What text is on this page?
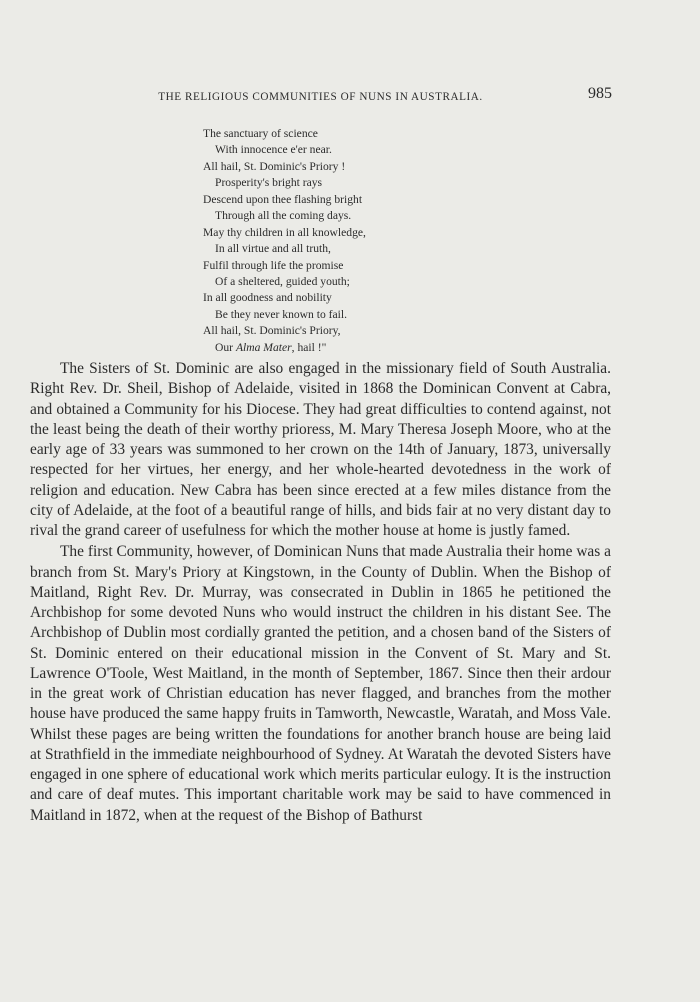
THE RELIGIOUS COMMUNITIES OF NUNS IN AUSTRALIA.	985
The sanctuary of science
With innocence e'er near.
All hail, St. Dominic's Priory !
Prosperity's bright rays
Descend upon thee flashing bright
Through all the coming days.
May thy children in all knowledge,
In all virtue and all truth,
Fulfil through life the promise
Of a sheltered, guided youth;
In all goodness and nobility
Be they never known to fail.
All hail, St. Dominic's Priory,
Our Alma Mater, hail !"

The Sisters of St. Dominic are also engaged in the missionary field of South Australia. Right Rev. Dr. Sheil, Bishop of Adelaide, visited in 1868 the Dominican Convent at Cabra, and obtained a Community for his Diocese. They had great difficulties to contend against, not the least being the death of their worthy prioress, M. Mary Theresa Joseph Moore, who at the early age of 33 years was summoned to her crown on the 14th of January, 1873, universally respected for her virtues, her energy, and her whole-hearted devotedness in the work of religion and education. New Cabra has been since erected at a few miles distance from the city of Adelaide, at the foot of a beautiful range of hills, and bids fair at no very distant day to rival the grand career of usefulness for which the mother house at home is justly famed.

The first Community, however, of Dominican Nuns that made Australia their home was a branch from St. Mary's Priory at Kingstown, in the County of Dublin. When the Bishop of Maitland, Right Rev. Dr. Murray, was consecrated in Dublin in 1865 he petitioned the Archbishop for some devoted Nuns who would instruct the children in his distant See. The Archbishop of Dublin most cordially granted the petition, and a chosen band of the Sisters of St. Dominic entered on their educational mission in the Convent of St. Mary and St. Lawrence O'Toole, West Maitland, in the month of September, 1867. Since then their ardour in the great work of Christian education has never flagged, and branches from the mother house have produced the same happy fruits in Tamworth, Newcastle, Waratah, and Moss Vale. Whilst these pages are being written the foundations for another branch house are being laid at Strathfield in the immediate neighbourhood of Sydney. At Waratah the devoted Sisters have engaged in one sphere of educational work which merits particular eulogy. It is the instruction and care of deaf mutes. This important charitable work may be said to have commenced in Maitland in 1872, when at the request of the Bishop of Bathurst
